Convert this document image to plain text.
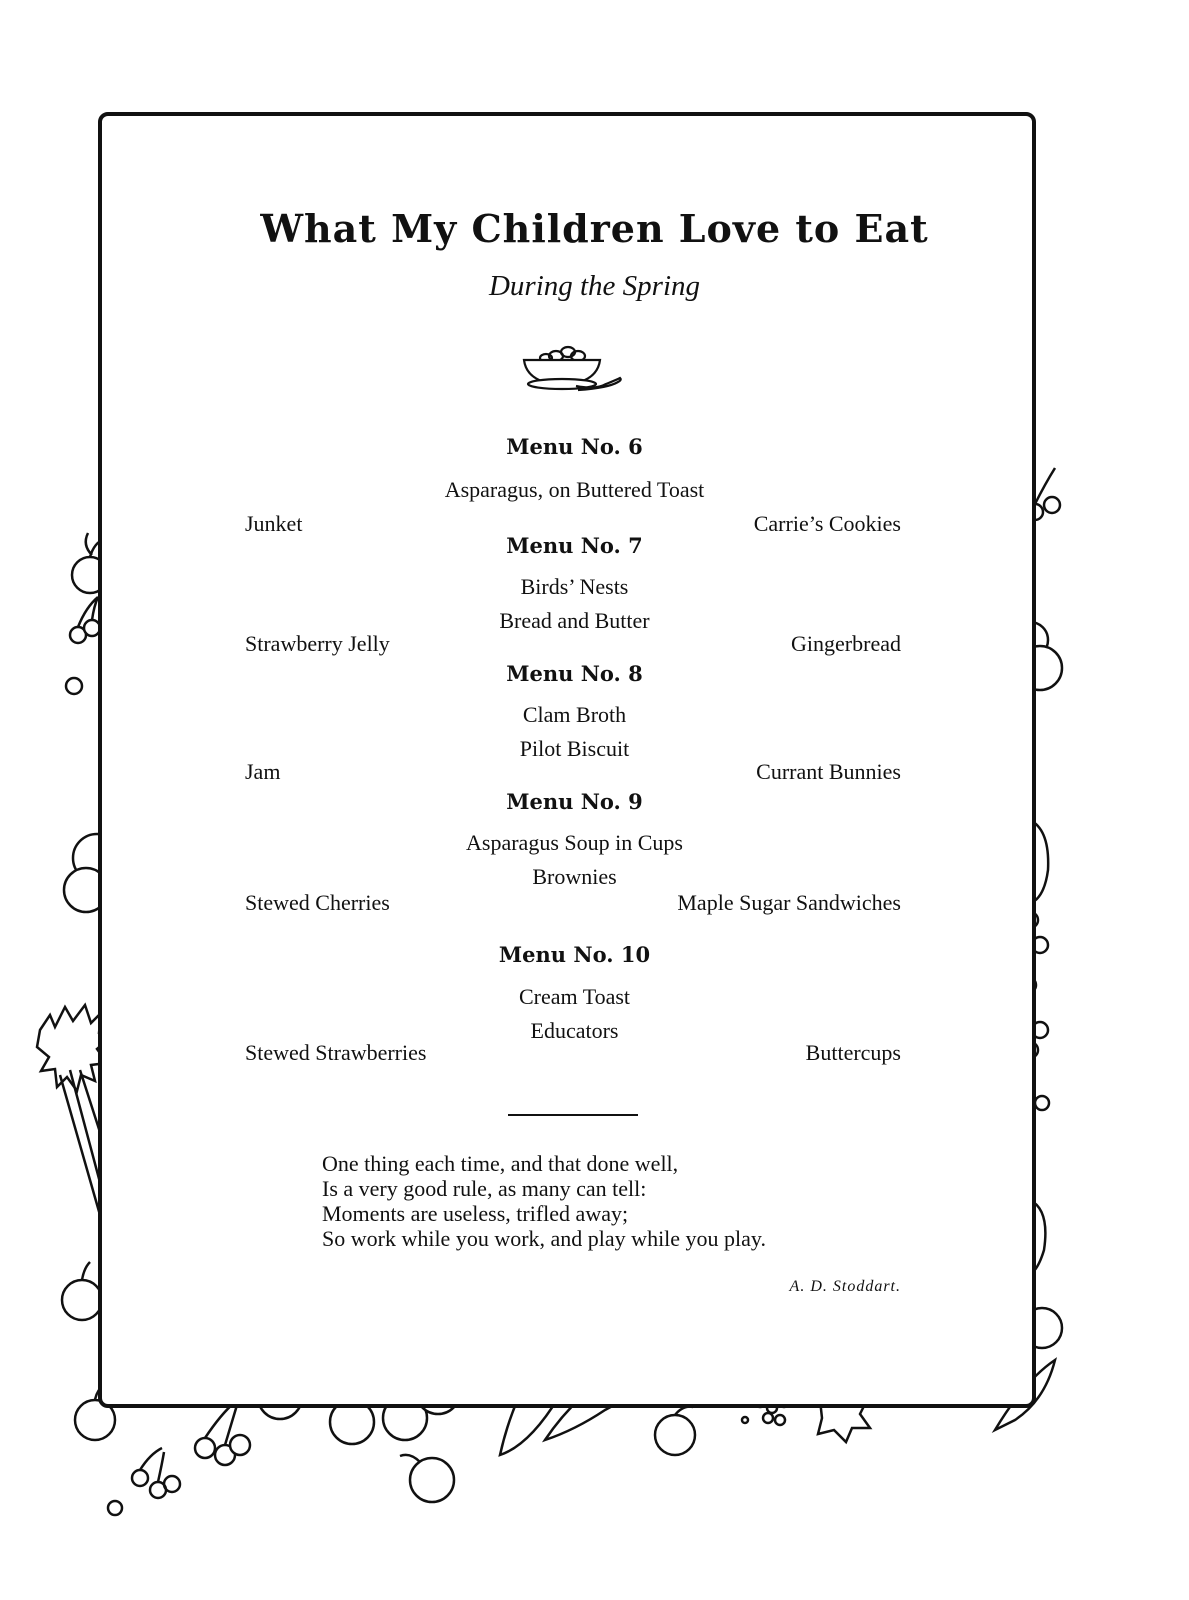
What My Children Love to Eat
During the Spring
Menu No. 6
Asparagus, on Buttered Toast
Junket	Carrie’s Cookies
Menu No. 7
Birds’ Nests
Bread and Butter
Strawberry Jelly	Gingerbread
Menu No. 8
Clam Broth
Pilot Biscuit
Jam	Currant Bunnies
Menu No. 9
Asparagus Soup in Cups
Brownies
Stewed Cherries	Maple Sugar Sandwiches
Menu No. 10
Cream Toast
Educators
Stewed Strawberries	Buttercups
One thing each time, and that done well,
Is a very good rule, as many can tell:
Moments are useless, trifled away;
So work while you work, and play while you play.
A. D. Stoddart.
